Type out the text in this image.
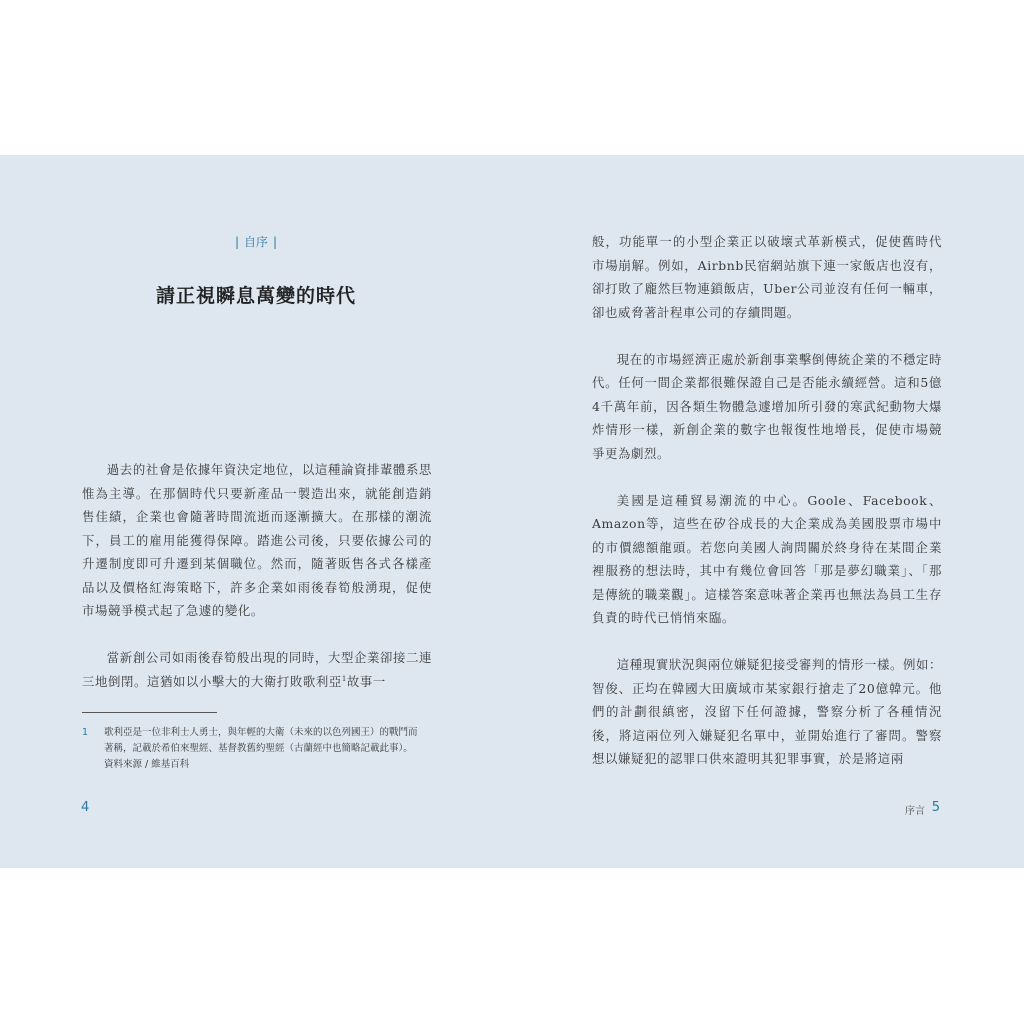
| 自序 |
請正視瞬息萬變的時代

過去的社會是依據年資決定地位，以這種論資排輩體系思惟為主導。在那個時代只要新產品一製造出來，就能創造銷售佳績，企業也會隨著時間流逝而逐漸擴大。在那樣的潮流下，員工的雇用能獲得保障。踏進公司後，只要依據公司的升遷制度即可升遷到某個職位。然而，隨著販售各式各樣產品以及價格紅海策略下，許多企業如雨後春筍般湧現，促使市場競爭模式起了急遽的變化。

當新創公司如雨後春筍般出現的同時，大型企業卻接二連三地倒閉。這猶如以小擊大的大衛打敗歌利亞$^1$故事一

1 歌利亞是一位非利士人勇士，與年輕的大衛（未來的以色列國王）的戰鬥而
著稱，記載於希伯來聖經、基督教舊約聖經（古蘭經中也簡略記載此事）。
資料來源 / 維基百科
4

般，功能單一的小型企業正以破壞式革新模式，促使舊時代市場崩解。例如，Airbnb民宿網站旗下連一家飯店也沒有，卻打敗了龐然巨物連鎖飯店，Uber公司並沒有任何一輛車，卻也威脅著計程車公司的存續問題。

現在的市場經濟正處於新創事業擊倒傳統企業的不穩定時代。任何一間企業都很難保證自己是否能永續經營。這和5億4千萬年前，因各類生物體急遽增加所引發的寒武紀動物大爆炸情形一樣，新創企業的數字也報復性地增長，促使市場競爭更為劇烈。

美國是這種貿易潮流的中心。Goole、Facebook、Amazon等，這些在矽谷成長的大企業成為美國股票市場中的市價總額龍頭。若您向美國人詢問關於終身待在某間企業裡服務的想法時，其中有幾位會回答「那是夢幻職業」、「那是傳統的職業觀」。這樣答案意味著企業再也無法為員工生存負責的時代已悄悄來臨。

這種現實狀況與兩位嫌疑犯接受審判的情形一樣。例如：智俊、正均在韓國大田廣域市某家銀行搶走了20億韓元。他們的計劃很縝密，沒留下任何證據，警察分析了各種情況後，將這兩位列入嫌疑犯名單中，並開始進行了審問。警察想以嫌疑犯的認罪口供來證明其犯罪事實，於是將這兩

序言 5
